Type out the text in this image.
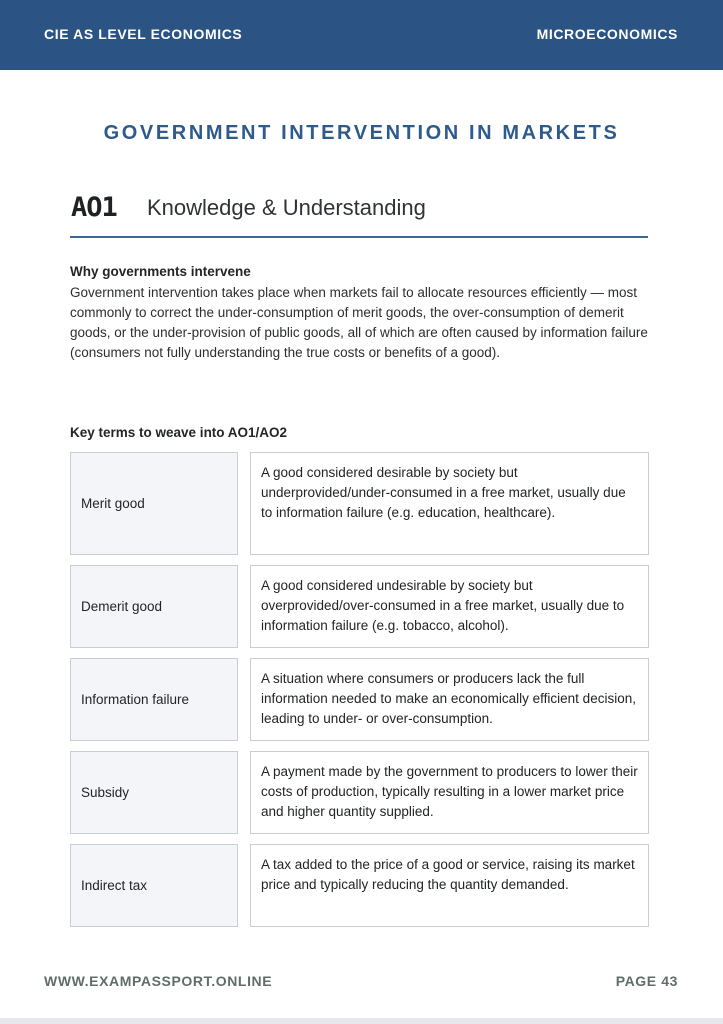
CIE AS LEVEL ECONOMICS	MICROECONOMICS
GOVERNMENT INTERVENTION IN MARKETS
AO1 Knowledge & Understanding
Why governments intervene

Government intervention takes place when markets fail to allocate resources efficiently — most commonly to correct the under-consumption of merit goods, the over-consumption of demerit goods, or the under-provision of public goods, all of which are often caused by information failure (consumers not fully understanding the true costs or benefits of a good).

Key terms to weave into AO1/AO2
Merit good
A good considered desirable by society but underprovided/under-consumed in a free market, usually due to information failure (e.g. education, healthcare).
Demerit good
A good considered undesirable by society but overprovided/over-consumed in a free market, usually due to information failure (e.g. tobacco, alcohol).
Information failure
A situation where consumers or producers lack the full information needed to make an economically efficient decision, leading to under- or over-consumption.
Subsidy
A payment made by the government to producers to lower their costs of production, typically resulting in a lower market price and higher quantity supplied.
Indirect tax
A tax added to the price of a good or service, raising its market price and typically reducing the quantity demanded.
WWW.EXAMPASSPORT.ONLINE	PAGE 43
